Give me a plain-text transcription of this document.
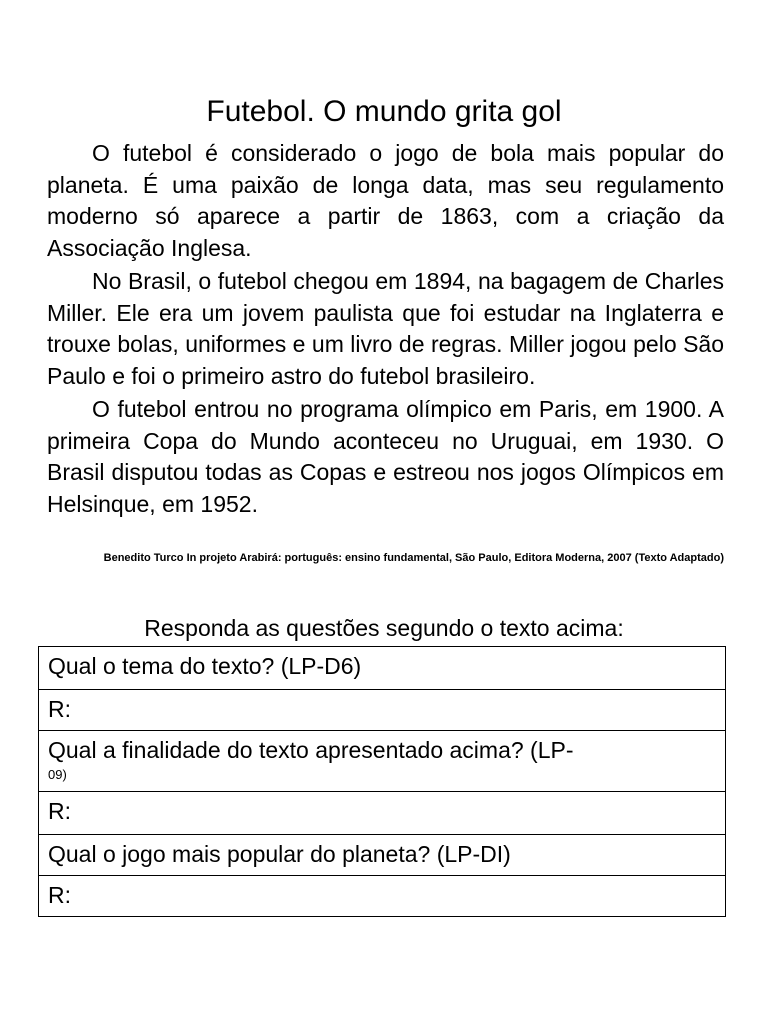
Futebol. O mundo grita gol

O futebol é considerado o jogo de bola mais popular do planeta. É uma paixão de longa data, mas seu regulamento moderno só aparece a partir de 1863, com a criação da Associação Inglesa.

No Brasil, o futebol chegou em 1894, na bagagem de Charles Miller. Ele era um jovem paulista que foi estudar na Inglaterra e trouxe bolas, uniformes e um livro de regras. Miller jogou pelo São Paulo e foi o primeiro astro do futebol brasileiro.

O futebol entrou no programa olímpico em Paris, em 1900. A primeira Copa do Mundo aconteceu no Uruguai, em 1930. O Brasil disputou todas as Copas e estreou nos jogos Olímpicos em Helsinque, em 1952.

Benedito Turco In projeto Arabirá: português: ensino fundamental, São Paulo, Editora Moderna, 2007 (Texto Adaptado)
Responda as questões segundo o texto acima:
Qual o tema do texto? (LP-D6)
R:
Qual a finalidade do texto apresentado acima? (LP-
09)

R:
Qual o jogo mais popular do planeta? (LP-DI)
R:
